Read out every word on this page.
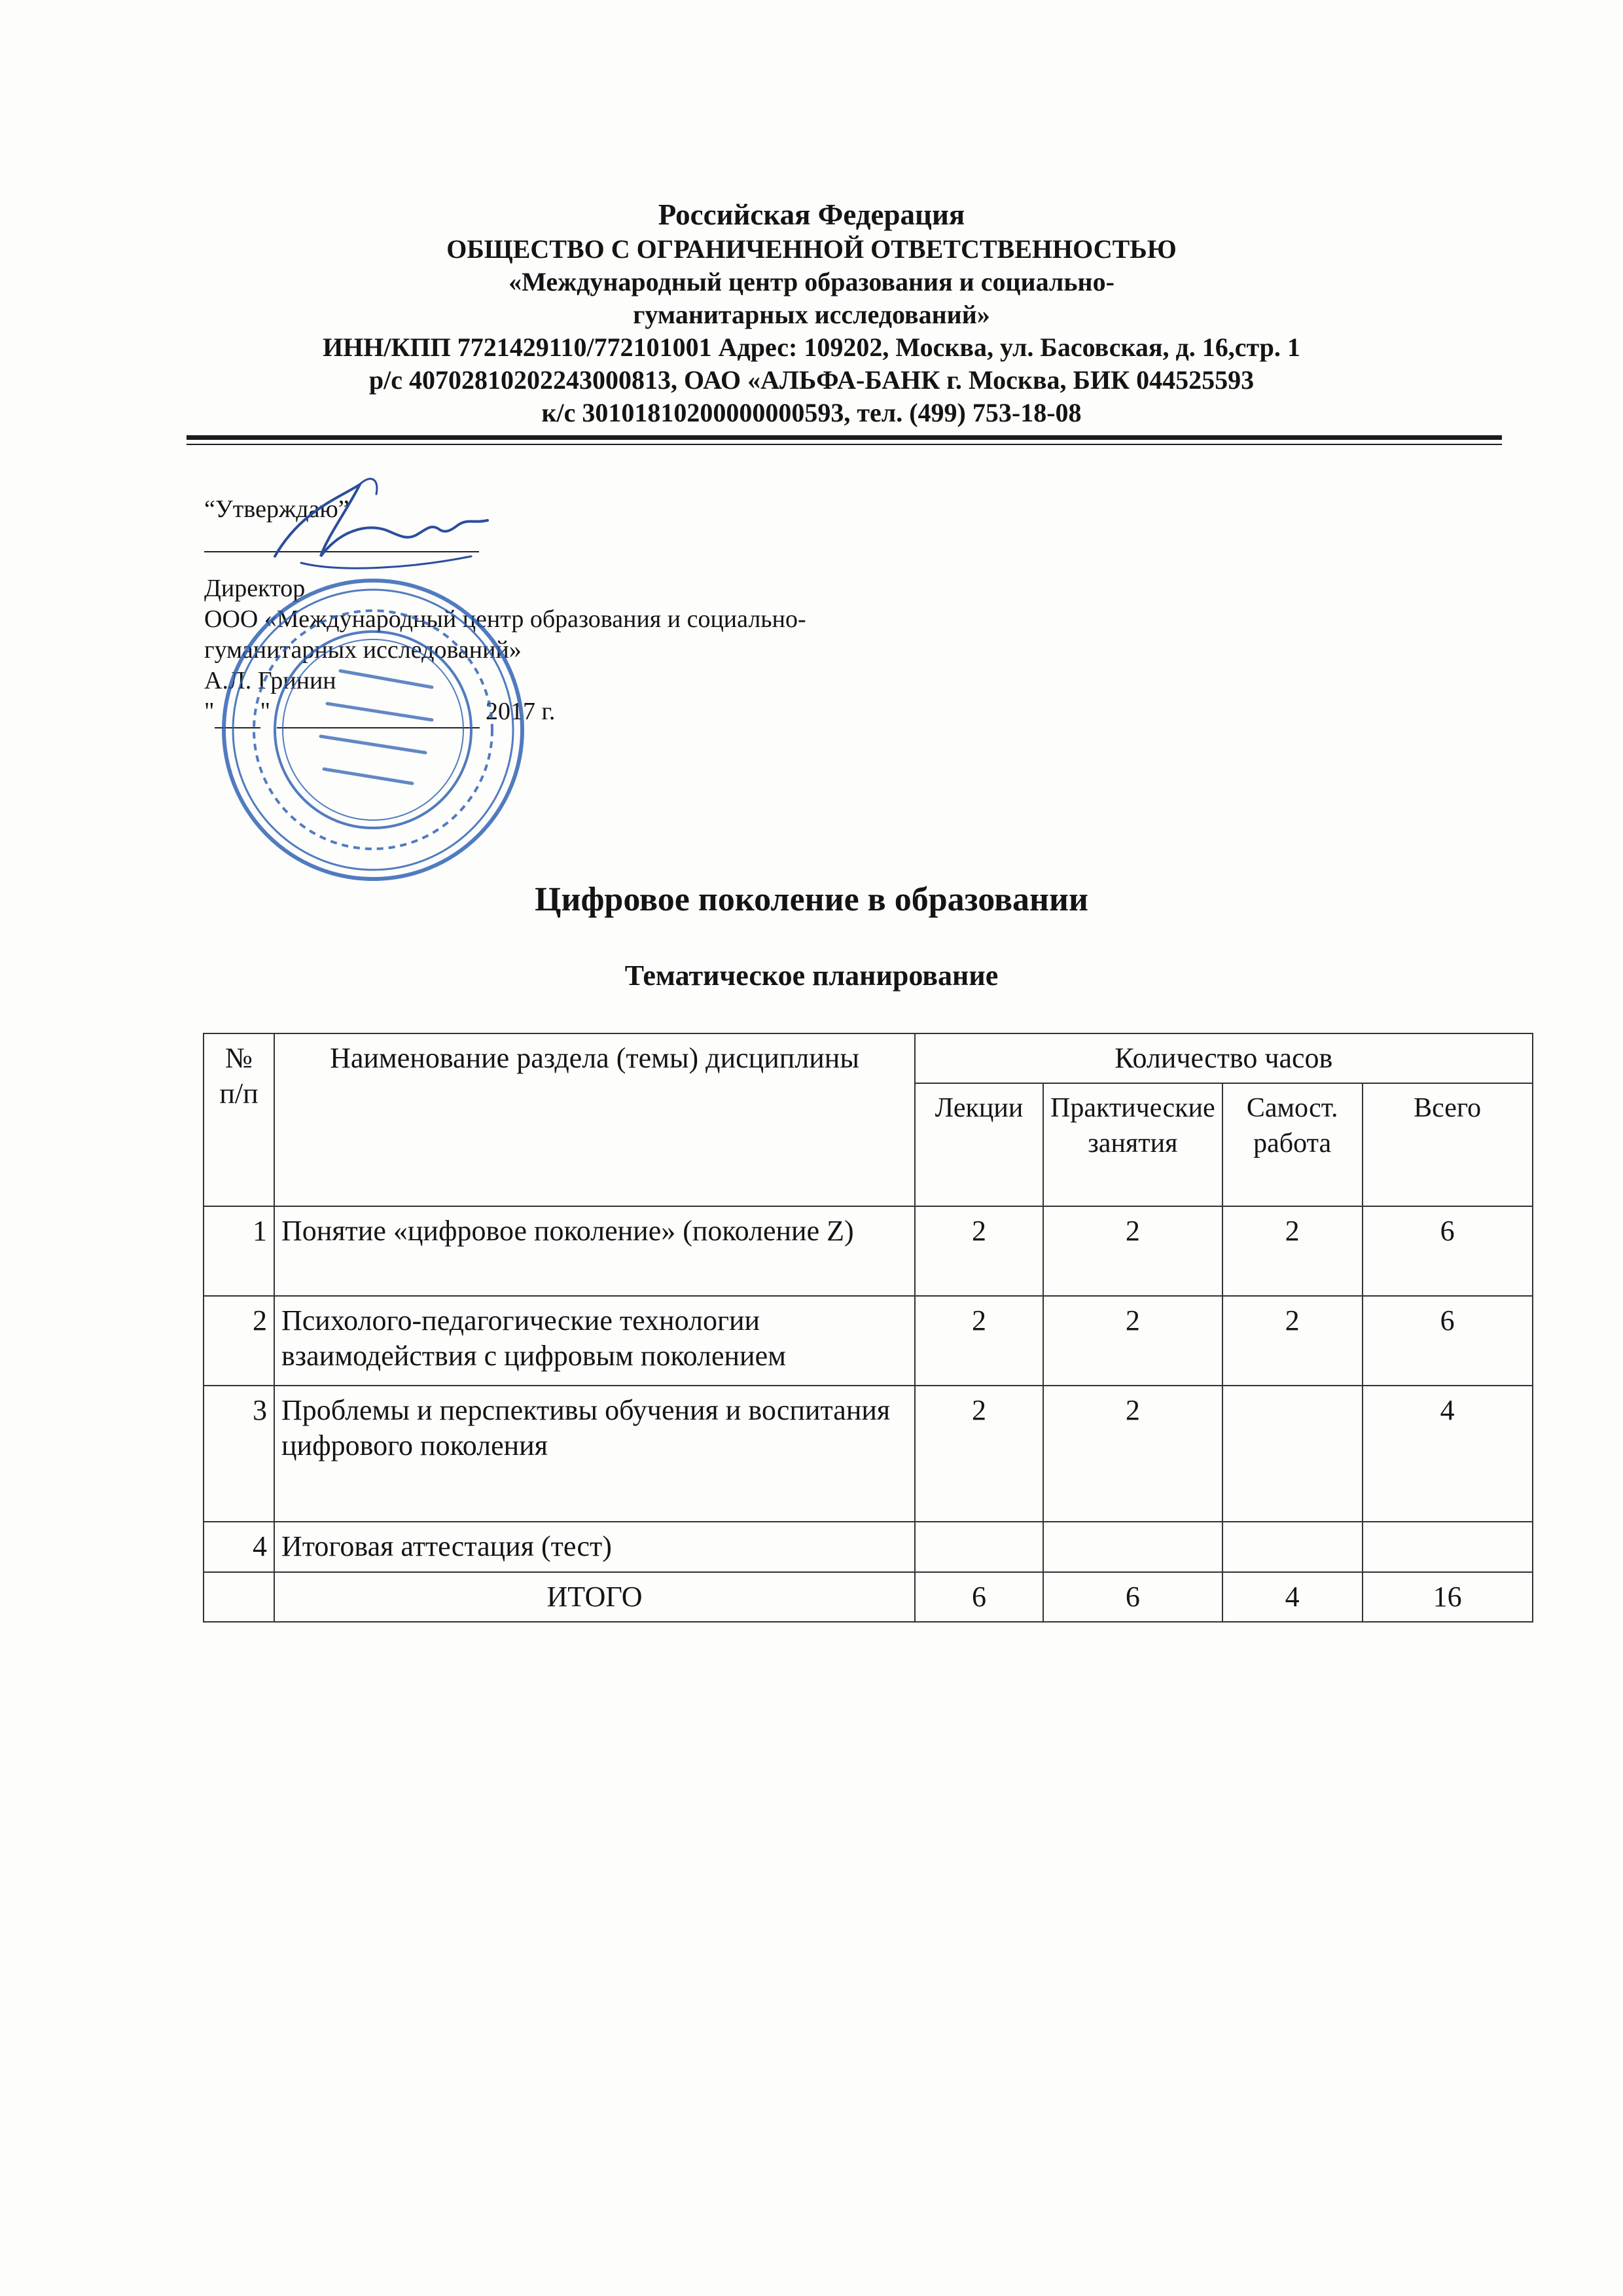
Российская Федерация
ОБЩЕСТВО С ОГРАНИЧЕННОЙ ОТВЕТСТВЕННОСТЬЮ
«Международный центр образования и социально-
гуманитарных исследований»
ИНН/КПП 7721429110/772101001 Адрес: 109202, Москва, ул. Басовская, д. 16,стр. 1
р/с 40702810202243000813, ОАО «АЛЬФА-БАНК г. Москва, БИК 044525593
к/с 30101810200000000593, тел. (499) 753-18-08
“Утверждаю”
Директор
ООО «Международный центр образования и социально-
гуманитарных исследований»
А.Л. Гринин
" "	2017 г.
Цифровое поколение в образовании
Тематическое планирование
№ п/п	Наименование раздела (темы) дисциплины	Количество часов			
		Лекции	Практические занятия	Самост. работа	Всего
1	Понятие «цифровое поколение» (поколение Z)	2	2	2	6
2	Психолого-педагогические технологии взаимодействия с цифровым поколением	2	2	2	6
3	Проблемы и перспективы обучения и воспитания цифрового поколения	2	2		4
4	Итоговая аттестация (тест)				
	ИТОГО	6	6	4	16
